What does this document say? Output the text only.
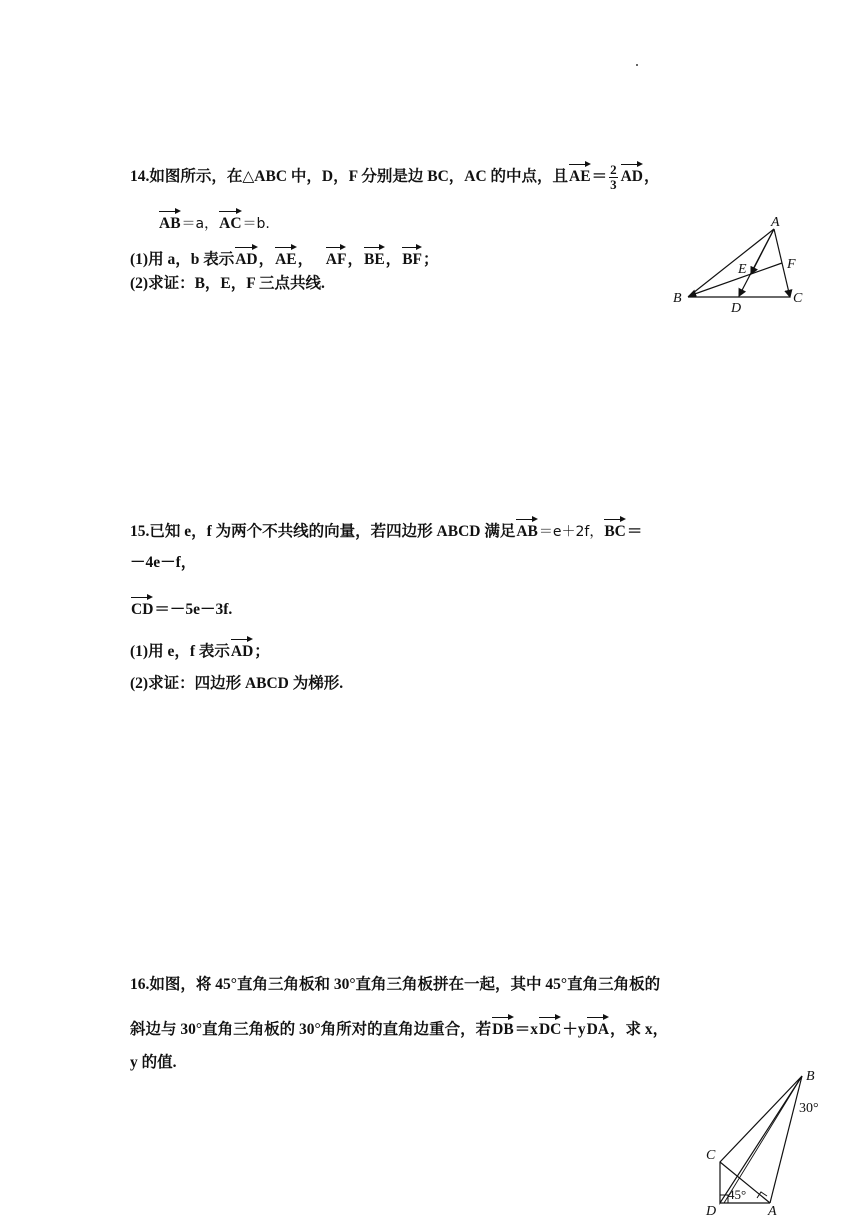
14.如图所示，在△ABC 中，D，F 分别是边 BC，AC 的中点，且$AE= \frac{2}{3}$ AD，
AB＝a，AC＝b.
(1)用 a，b 表示AD，AE，   AF，BE，BF；
(2)求证：B，E，F 三点共线.
A
B	C
D
E	F
15.已知 e，f 为两个不共线的向量，若四边形 ABCD 满足AB＝e＋2f，BC＝
－4e－f，
CD＝－5e－3f.
(1)用 e，f 表示AD；
(2)求证：四边形 ABCD 为梯形.
16.如图，将 45°直角三角板和 30°直角三角板拼在一起，其中 45°直角三角板的
斜边与 30°直角三角板的 30°角所对的直角边重合，若DB＝xDC＋yDA，求 x，
y 的值.
B
C
D	A
30°
45°
